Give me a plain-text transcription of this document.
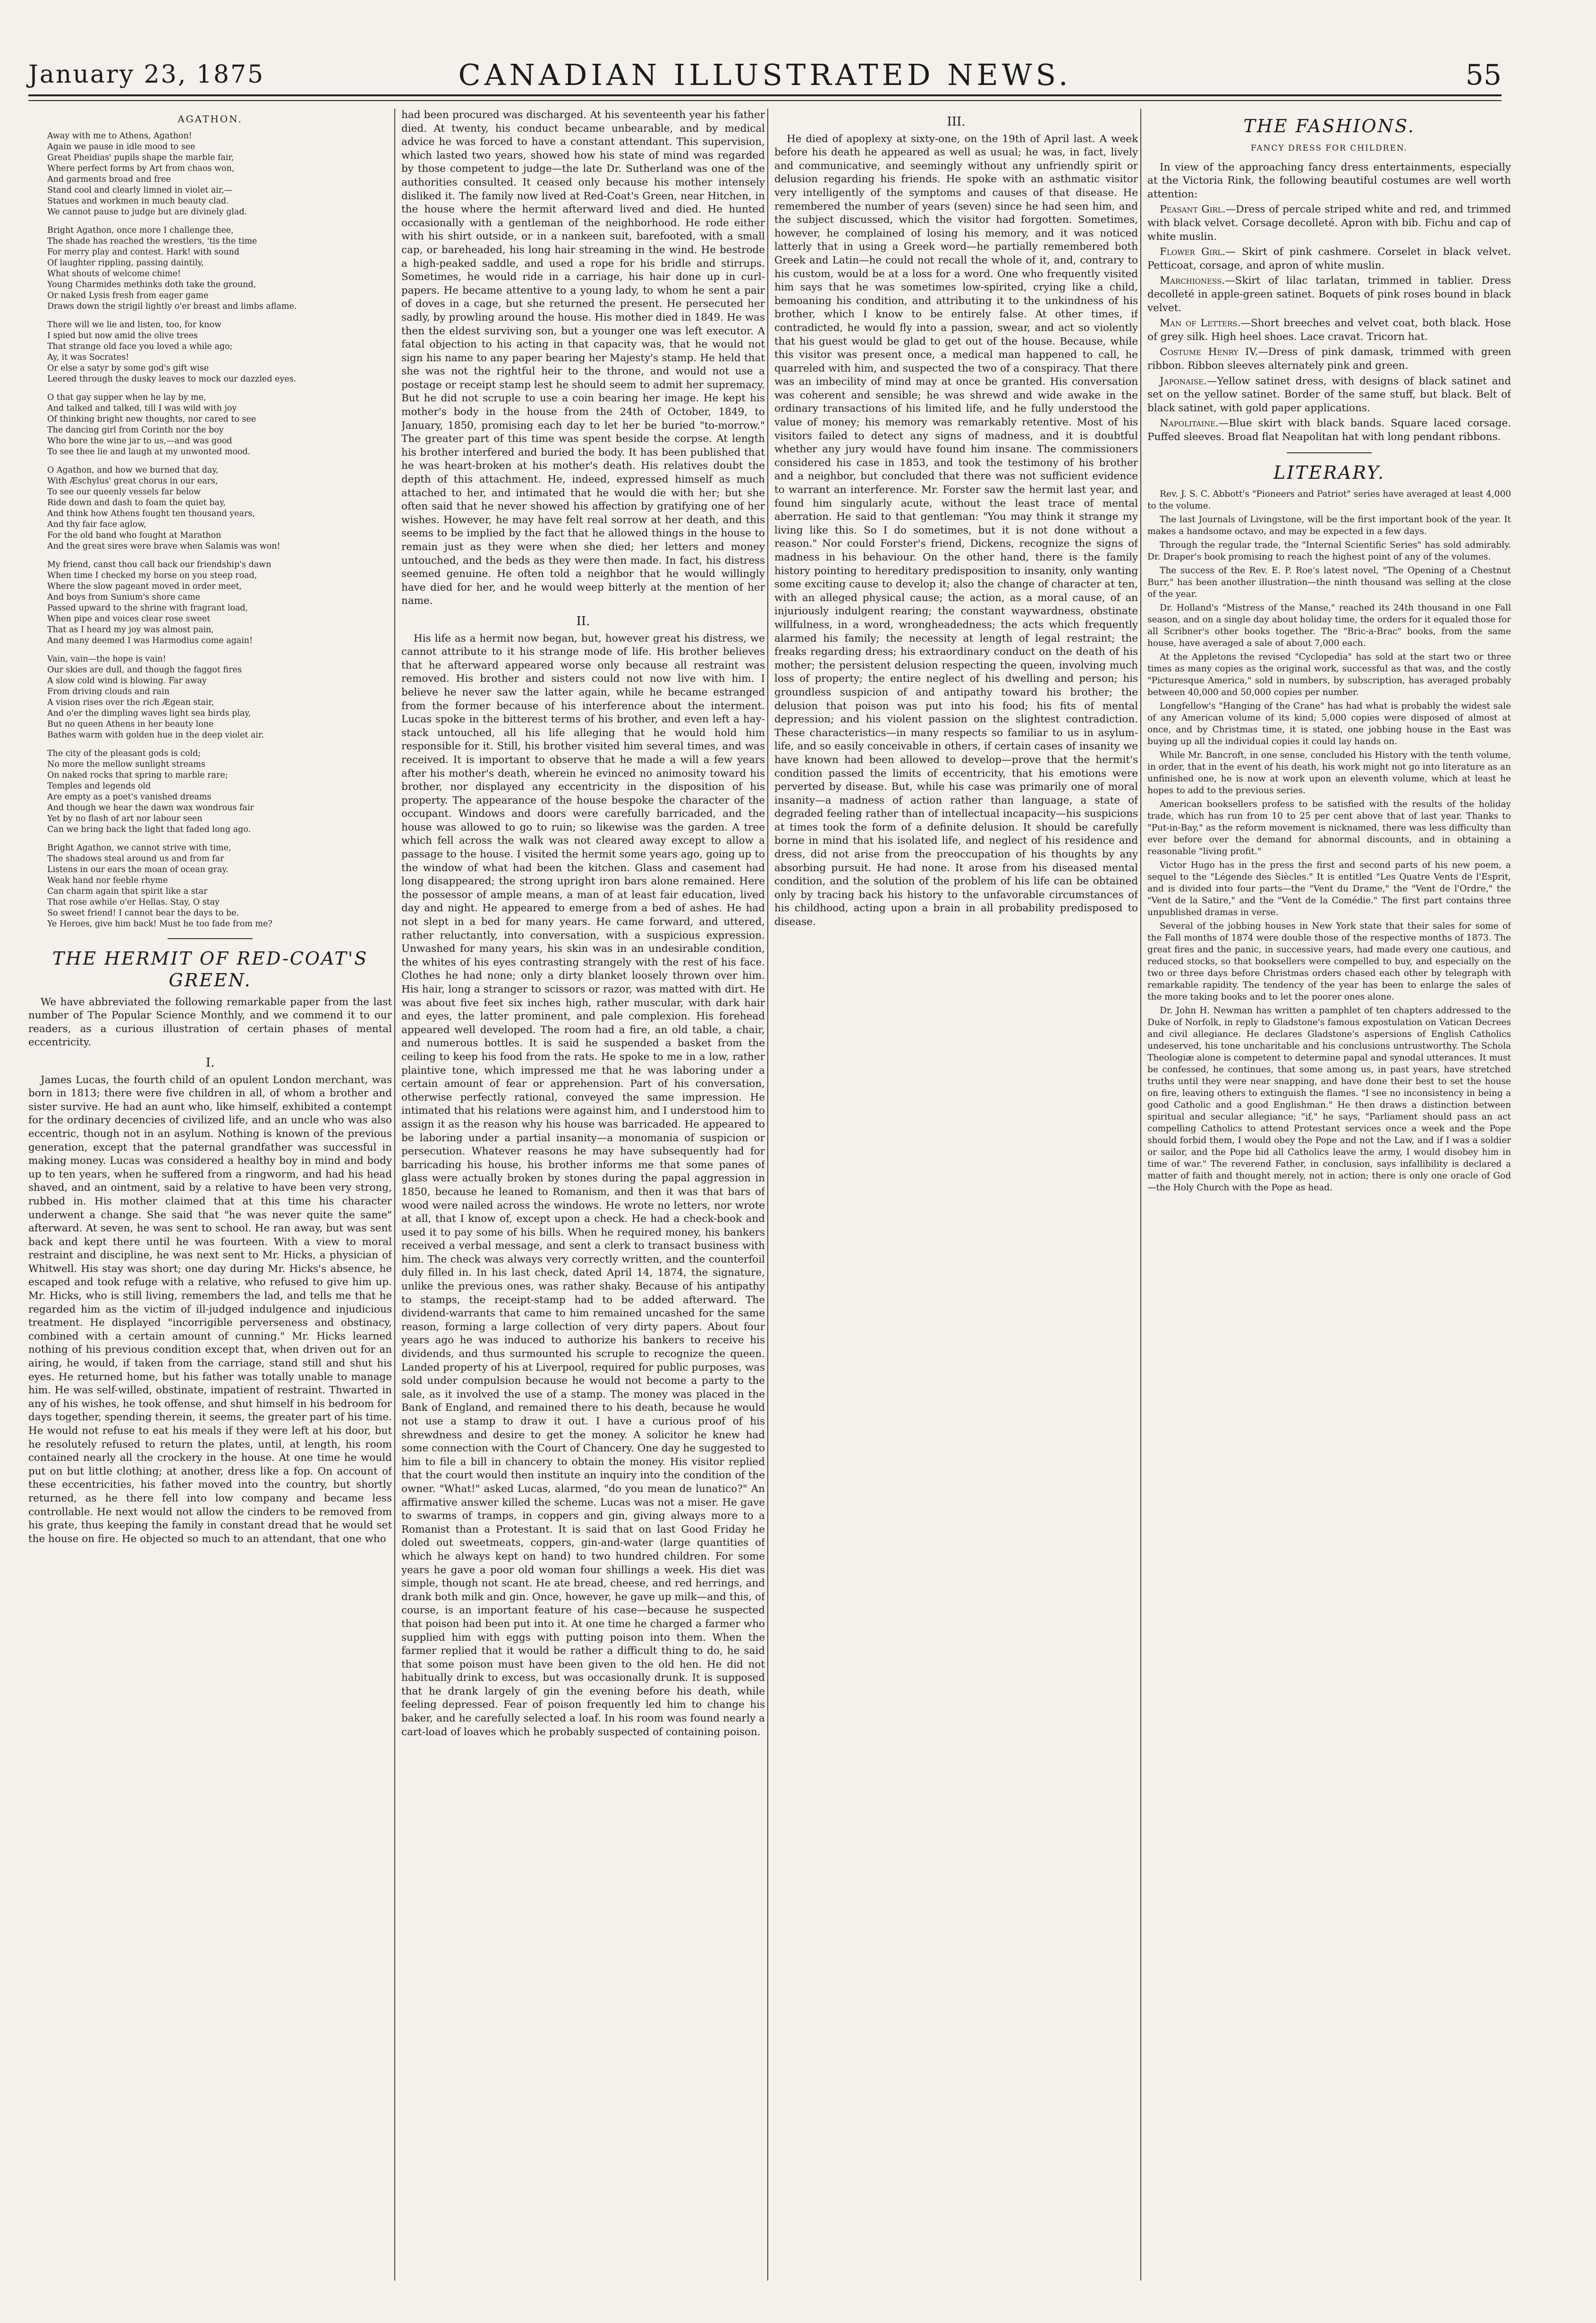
January 23, 1875	CANADIAN ILLUSTRATED NEWS.	55
AGATHON.
Away with me to Athens, Agathon!
Again we pause in idle mood to see
Great Pheidias' pupils shape the marble fair,
Where perfect forms by Art from chaos won,
And garments broad and free
Stand cool and clearly limned in violet air,—
Statues and workmen in much beauty clad.
We cannot pause to judge but are divinely glad.
Bright Agathon, once more I challenge thee,
The shade has reached the wrestlers, 'tis the time
For merry play and contest. Hark! with sound
Of laughter rippling, passing daintily,
What shouts of welcome chime!
Young Charmides methinks doth take the ground,
Or naked Lysis fresh from eager game
Draws down the strigil lightly o'er breast and limbs aflame.
There will we lie and listen, too, for know
I spied but now amid the olive trees
That strange old face you loved a while ago;
Ay, it was Socrates!
Or else a satyr by some god's gift wise
Leered through the dusky leaves to mock our dazzled eyes.
O that gay supper when he lay by me,
And talked and talked, till I was wild with joy
Of thinking bright new thoughts, nor cared to see
The dancing girl from Corinth nor the boy
Who bore the wine jar to us,—and was good
To see thee lie and laugh at my unwonted mood.
O Agathon, and how we burned that day,
With Æschylus' great chorus in our ears,
To see our queenly vessels far below
Ride down and dash to foam the quiet bay,
And think how Athens fought ten thousand years,
And thy fair face aglow,
For the old band who fought at Marathon
And the great sires were brave when Salamis was won!
My friend, canst thou call back our friendship's dawn
When time I checked my horse on you steep road,
Where the slow pageant moved in order meet,
And boys from Sunium's shore came
Passed upward to the shrine with fragrant load,
When pipe and voices clear rose sweet
That as I heard my joy was almost pain,
And many deemed I was Harmodius come again!
Vain, vain—the hope is vain!
Our skies are dull, and though the faggot fires
A slow cold wind is blowing. Far away
From driving clouds and rain
A vision rises over the rich Ægean stair,
And o'er the dimpling waves light sea birds play,
But no queen Athens in her beauty lone
Bathes warm with golden hue in the deep violet air.
The city of the pleasant gods is cold;
No more the mellow sunlight streams
On naked rocks that spring to marble rare;
Temples and legends old
Are empty as a poet's vanished dreams
And though we hear the dawn wax wondrous fair
Yet by no flash of art nor labour seen
Can we bring back the light that faded long ago.
Bright Agathon, we cannot strive with time,
The shadows steal around us and from far
Listens in our ears the moan of ocean gray.
Weak hand nor feeble rhyme
Can charm again that spirit like a star
That rose awhile o'er Hellas. Stay, O stay
So sweet friend! I cannot bear the days to be.
Ye Heroes, give him back! Must he too fade from me?
THE HERMIT OF RED-COAT'S GREEN.

We have abbreviated the following remarkable paper from the last number of The Popular Science Monthly, and we commend it to our readers, as a curious illustration of certain phases of mental eccentricity.

I.

James Lucas, the fourth child of an opulent London merchant, was born in 1813; there were five children in all, of whom a brother and sister survive. He had an aunt who, like himself, exhibited a contempt for the ordinary decencies of civilized life, and an uncle who was also eccentric, though not in an asylum. Nothing is known of the previous generation, except that the paternal grandfather was successful in making money. Lucas was considered a healthy boy in mind and body up to ten years, when he suffered from a ringworm, and had his head shaved, and an ointment, said by a relative to have been very strong, rubbed in. His mother claimed that at this time his character underwent a change. She said that "he was never quite the same" afterward. At seven, he was sent to school. He ran away, but was sent back and kept there until he was fourteen. With a view to moral restraint and discipline, he was next sent to Mr. Hicks, a physician of Whitwell. His stay was short; one day during Mr. Hicks's absence, he escaped and took refuge with a relative, who refused to give him up. Mr. Hicks, who is still living, remembers the lad, and tells me that he regarded him as the victim of ill-judged indulgence and injudicious treatment. He displayed "incorrigible perverseness and obstinacy, combined with a certain amount of cunning." Mr. Hicks learned nothing of his previous condition except that, when driven out for an airing, he would, if taken from the carriage, stand still and shut his eyes. He returned home, but his father was totally unable to manage him. He was self-willed, obstinate, impatient of restraint. Thwarted in any of his wishes, he took offense, and shut himself in his bedroom for days together, spending therein, it seems, the greater part of his time. He would not refuse to eat his meals if they were left at his door, but he resolutely refused to return the plates, until, at length, his room contained nearly all the crockery in the house. At one time he would put on but little clothing; at another, dress like a fop. On account of these eccentricities, his father moved into the country, but shortly returned, as he there fell into low company and became less controllable. He next would not allow the cinders to be removed from his grate, thus keeping the family in constant dread that he would set the house on fire. He objected so much to an attendant, that one who

had been procured was discharged. At his seventeenth year his father died. At twenty, his conduct became unbearable, and by medical advice he was forced to have a constant attendant. This supervision, which lasted two years, showed how his state of mind was regarded by those competent to judge—the late Dr. Sutherland was one of the authorities consulted. It ceased only because his mother intensely disliked it. The family now lived at Red-Coat's Green, near Hitchen, in the house where the hermit afterward lived and died. He hunted occasionally with a gentleman of the neighborhood. He rode either with his shirt outside, or in a nankeen suit, barefooted, with a small cap, or bareheaded, his long hair streaming in the wind. He bestrode a high-peaked saddle, and used a rope for his bridle and stirrups. Sometimes, he would ride in a carriage, his hair done up in curl-papers. He became attentive to a young lady, to whom he sent a pair of doves in a cage, but she returned the present. He persecuted her sadly, by prowling around the house. His mother died in 1849. He was then the eldest surviving son, but a younger one was left executor. A fatal objection to his acting in that capacity was, that he would not sign his name to any paper bearing her Majesty's stamp. He held that she was not the rightful heir to the throne, and would not use a postage or receipt stamp lest he should seem to admit her supremacy. But he did not scruple to use a coin bearing her image. He kept his mother's body in the house from the 24th of October, 1849, to January, 1850, promising each day to let her be buried "to-morrow." The greater part of this time was spent beside the corpse. At length his brother interfered and buried the body. It has been published that he was heart-broken at his mother's death. His relatives doubt the depth of this attachment. He, indeed, expressed himself as much attached to her, and intimated that he would die with her; but she often said that he never showed his affection by gratifying one of her wishes. However, he may have felt real sorrow at her death, and this seems to be implied by the fact that he allowed things in the house to remain just as they were when she died; her letters and money untouched, and the beds as they were then made. In fact, his distress seemed genuine. He often told a neighbor that he would willingly have died for her, and he would weep bitterly at the mention of her name.

II.

His life as a hermit now began, but, however great his distress, we cannot attribute to it his strange mode of life. His brother believes that he afterward appeared worse only because all restraint was removed. His brother and sisters could not now live with him. I believe he never saw the latter again, while he became estranged from the former because of his interference about the interment. Lucas spoke in the bitterest terms of his brother, and even left a hay-stack untouched, all his life alleging that he would hold him responsible for it. Still, his brother visited him several times, and was received. It is important to observe that he made a will a few years after his mother's death, wherein he evinced no animosity toward his brother, nor displayed any eccentricity in the disposition of his property. The appearance of the house bespoke the character of the occupant. Windows and doors were carefully barricaded, and the house was allowed to go to ruin; so likewise was the garden. A tree which fell across the walk was not cleared away except to allow a passage to the house. I visited the hermit some years ago, going up to the window of what had been the kitchen. Glass and casement had long disappeared; the strong upright iron bars alone remained. Here the possessor of ample means, a man of at least fair education, lived day and night. He appeared to emerge from a bed of ashes. He had not slept in a bed for many years. He came forward, and uttered, rather reluctantly, into conversation, with a suspicious expression. Unwashed for many years, his skin was in an undesirable condition, the whites of his eyes contrasting strangely with the rest of his face. Clothes he had none; only a dirty blanket loosely thrown over him. His hair, long a stranger to scissors or razor, was matted with dirt. He was about five feet six inches high, rather muscular, with dark hair and eyes, the latter prominent, and pale complexion. His forehead appeared well developed. The room had a fire, an old table, a chair, and numerous bottles. It is said he suspended a basket from the ceiling to keep his food from the rats. He spoke to me in a low, rather plaintive tone, which impressed me that he was laboring under a certain amount of fear or apprehension. Part of his conversation, otherwise perfectly rational, conveyed the same impression. He intimated that his relations were against him, and I understood him to assign it as the reason why his house was barricaded. He appeared to be laboring under a partial insanity—a monomania of suspicion or persecution. Whatever reasons he may have subsequently had for barricading his house, his brother informs me that some panes of glass were actually broken by stones during the papal aggression in 1850, because he leaned to Romanism, and then it was that bars of wood were nailed across the windows. He wrote no letters, nor wrote at all, that I know of, except upon a check. He had a check-book and used it to pay some of his bills. When he required money, his bankers received a verbal message, and sent a clerk to transact business with him. The check was always very correctly written, and the counterfoil duly filled in. In his last check, dated April 14, 1874, the signature, unlike the previous ones, was rather shaky. Because of his antipathy to stamps, the receipt-stamp had to be added afterward. The dividend-warrants that came to him remained uncashed for the same reason, forming a large collection of very dirty papers. About four years ago he was induced to authorize his bankers to receive his dividends, and thus surmounted his scruple to recognize the queen. Landed property of his at Liverpool, required for public purposes, was sold under compulsion because he would not become a party to the sale, as it involved the use of a stamp. The money was placed in the Bank of England, and remained there to his death, because he would not use a stamp to draw it out. I have a curious proof of his shrewdness and desire to get the money. A solicitor he knew had some connection with the Court of Chancery. One day he suggested to him to file a bill in chancery to obtain the money. His visitor replied that the court would then institute an inquiry into the condition of the owner. "What!" asked Lucas, alarmed, "do you mean de lunatico?" An affirmative answer killed the scheme. Lucas was not a miser. He gave to swarms of tramps, in coppers and gin, giving always more to a Romanist than a Protestant. It is said that on last Good Friday he doled out sweetmeats, coppers, gin-and-water (large quantities of which he always kept on hand) to two hundred children. For some years he gave a poor old woman four shillings a week. His diet was simple, though not scant. He ate bread, cheese, and red herrings, and drank both milk and gin. Once, however, he gave up milk—and this, of course, is an important feature of his case—because he suspected that poison had been put into it. At one time he charged a farmer who supplied him with eggs with putting poison into them. When the farmer replied that it would be rather a difficult thing to do, he said that some poison must have been given to the old hen. He did not habitually drink to excess, but was occasionally drunk. It is supposed that he drank largely of gin the evening before his death, while feeling depressed. Fear of poison frequently led him to change his baker, and he carefully selected a loaf. In his room was found nearly a cart-load of loaves which he probably suspected of containing poison.

III.

He died of apoplexy at sixty-one, on the 19th of April last. A week before his death he appeared as well as usual; he was, in fact, lively and communicative, and seemingly without any unfriendly spirit or delusion regarding his friends. He spoke with an asthmatic visitor very intelligently of the symptoms and causes of that disease. He remembered the number of years (seven) since he had seen him, and the subject discussed, which the visitor had forgotten. Sometimes, however, he complained of losing his memory, and it was noticed latterly that in using a Greek word—he partially remembered both Greek and Latin—he could not recall the whole of it, and, contrary to his custom, would be at a loss for a word. One who frequently visited him says that he was sometimes low-spirited, crying like a child, bemoaning his condition, and attributing it to the unkindness of his brother, which I know to be entirely false. At other times, if contradicted, he would fly into a passion, swear, and act so violently that his guest would be glad to get out of the house. Because, while this visitor was present once, a medical man happened to call, he quarreled with him, and suspected the two of a conspiracy. That there was an imbecility of mind may at once be granted. His conversation was coherent and sensible; he was shrewd and wide awake in the ordinary transactions of his limited life, and he fully understood the value of money; his memory was remarkably retentive. Most of his visitors failed to detect any signs of madness, and it is doubtful whether any jury would have found him insane. The commissioners considered his case in 1853, and took the testimony of his brother and a neighbor, but concluded that there was not sufficient evidence to warrant an interference. Mr. Forster saw the hermit last year, and found him singularly acute, without the least trace of mental aberration. He said to that gentleman: "You may think it strange my living like this. So I do sometimes, but it is not done without a reason." Nor could Forster's friend, Dickens, recognize the signs of madness in his behaviour. On the other hand, there is the family history pointing to hereditary predisposition to insanity, only wanting some exciting cause to develop it; also the change of character at ten, with an alleged physical cause; the action, as a moral cause, of an injuriously indulgent rearing; the constant waywardness, obstinate willfulness, in a word, wrongheadedness; the acts which frequently alarmed his family; the necessity at length of legal restraint; the freaks regarding dress; his extraordinary conduct on the death of his mother; the persistent delusion respecting the queen, involving much loss of property; the entire neglect of his dwelling and person; his groundless suspicion of and antipathy toward his brother; the delusion that poison was put into his food; his fits of mental depression; and his violent passion on the slightest contradiction. These characteristics—in many respects so familiar to us in asylum-life, and so easily conceivable in others, if certain cases of insanity we have known had been allowed to develop—prove that the hermit's condition passed the limits of eccentricity, that his emotions were perverted by disease. But, while his case was primarily one of moral insanity—a madness of action rather than language, a state of degraded feeling rather than of intellectual incapacity—his suspicions at times took the form of a definite delusion. It should be carefully borne in mind that his isolated life, and neglect of his residence and dress, did not arise from the preoccupation of his thoughts by any absorbing pursuit. He had none. It arose from his diseased mental condition, and the solution of the problem of his life can be obtained only by tracing back his history to the unfavorable circumstances of his childhood, acting upon a brain in all probability predisposed to disease.

THE FASHIONS.
FANCY DRESS FOR CHILDREN.

In view of the approaching fancy dress entertainments, especially at the Victoria Rink, the following beautiful costumes are well worth attention:

Peasant Girl.—Dress of percale striped white and red, and trimmed with black velvet. Corsage decolleté. Apron with bib. Fichu and cap of white muslin.

Flower Girl.— Skirt of pink cashmere. Corselet in black velvet. Petticoat, corsage, and apron of white muslin.

Marchioness.—Skirt of lilac tarlatan, trimmed in tablier. Dress decolleté in apple-green satinet. Boquets of pink roses bound in black velvet.

Man of Letters.—Short breeches and velvet coat, both black. Hose of grey silk. High heel shoes. Lace cravat. Tricorn hat.

Costume Henry IV.—Dress of pink damask, trimmed with green ribbon. Ribbon sleeves alternately pink and green.

Japonaise.—Yellow satinet dress, with designs of black satinet and set on the yellow satinet. Border of the same stuff, but black. Belt of black satinet, with gold paper applications.

Napolitaine.—Blue skirt with black bands. Square laced corsage. Puffed sleeves. Broad flat Neapolitan hat with long pendant ribbons.

LITERARY.

Rev. J. S. C. Abbott's "Pioneers and Patriot" series have averaged at least 4,000 to the volume.

The last Journals of Livingstone, will be the first important book of the year. It makes a handsome octavo, and may be expected in a few days.

Through the regular trade, the "Internal Scientific Series" has sold admirably. Dr. Draper's book promising to reach the highest point of any of the volumes.

The success of the Rev. E. P. Roe's latest novel, "The Opening of a Chestnut Burr," has been another illustration—the ninth thousand was selling at the close of the year.

Dr. Holland's "Mistress of the Manse," reached its 24th thousand in one Fall season, and on a single day about holiday time, the orders for it equaled those for all Scribner's other books together. The "Bric-a-Brac" books, from the same house, have averaged a sale of about 7,000 each.

At the Appletons the revised "Cyclopedia" has sold at the start two or three times as many copies as the original work, successful as that was, and the costly "Picturesque America," sold in numbers, by subscription, has averaged probably between 40,000 and 50,000 copies per number.

Longfellow's "Hanging of the Crane" has had what is probably the widest sale of any American volume of its kind; 5,000 copies were disposed of almost at once, and by Christmas time, it is stated, one jobbing house in the East was buying up all the individual copies it could lay hands on.

While Mr. Bancroft, in one sense, concluded his History with the tenth volume, in order, that in the event of his death, his work might not go into literature as an unfinished one, he is now at work upon an eleventh volume, which at least he hopes to add to the previous series.

American booksellers profess to be satisfied with the results of the holiday trade, which has run from 10 to 25 per cent above that of last year. Thanks to "Put-in-Bay," as the reform movement is nicknamed, there was less difficulty than ever before over the demand for abnormal discounts, and in obtaining a reasonable "living profit."

Victor Hugo has in the press the first and second parts of his new poem, a sequel to the "Légende des Siècles." It is entitled "Les Quatre Vents de l'Esprit, and is divided into four parts—the "Vent du Drame," the "Vent de l'Ordre," the "Vent de la Satire," and the "Vent de la Comédie." The first part contains three unpublished dramas in verse.

Several of the jobbing houses in New York state that their sales for some of the Fall months of 1874 were double those of the respective months of 1873. The great fires and the panic, in successive years, had made every one cautious, and reduced stocks, so that booksellers were compelled to buy, and especially on the two or three days before Christmas orders chased each other by telegraph with remarkable rapidity. The tendency of the year has been to enlarge the sales of the more taking books and to let the poorer ones alone.

Dr. John H. Newman has written a pamphlet of ten chapters addressed to the Duke of Norfolk, in reply to Gladstone's famous expostulation on Vatican Decrees and civil allegiance. He declares Gladstone's aspersions of English Catholics undeserved, his tone uncharitable and his conclusions untrustworthy. The Schola Theologiæ alone is competent to determine papal and synodal utterances. It must be confessed, he continues, that some among us, in past years, have stretched truths until they were near snapping, and have done their best to set the house on fire, leaving others to extinguish the flames. "I see no inconsistency in being a good Catholic and a good Englishman." He then draws a distinction between spiritual and secular allegiance; "if," he says, "Parliament should pass an act compelling Catholics to attend Protestant services once a week and the Pope should forbid them, I would obey the Pope and not the Law, and if I was a soldier or sailor, and the Pope bid all Catholics leave the army, I would disobey him in time of war." The reverend Father, in conclusion, says infallibility is declared a matter of faith and thought merely, not in action; there is only one oracle of God—the Holy Church with the Pope as head.
